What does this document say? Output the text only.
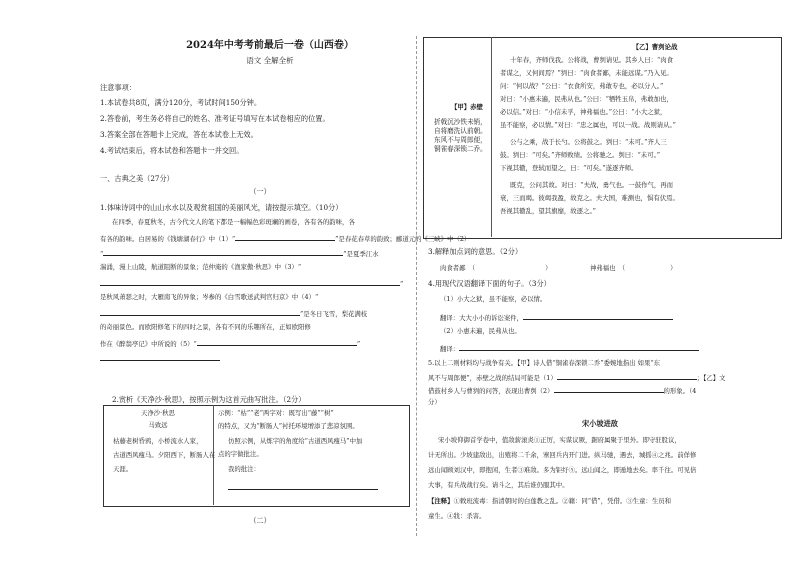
2024年中考考前最后一卷（山西卷）
语文 全解全析
注意事项：
1.本试卷共8页，满分120分，考试时间150分钟。
2.答卷前，考生务必将自己的姓名、准考证号填写在本试卷相应的位置。
3.答案全部在答题卡上完成，答在本试卷上无效。
4.考试结束后，将本试卷和答题卡一并交回。
一、古典之美（27分）
（一）
1.体味诗词中的山山水水以及观赏祖国的美丽风光，请按提示填空。（10分）
在四季，春夏秋冬，古今代文人的笔下都是一幅幅色彩斑斓的画卷，各有各的韵味，各
有各的韵味。白居易的《钱塘湖春行》中（1）“	”是春花春草的韵致；郦道元的《三峡》中（2）
“	”是夏季江水
湍涌，漫上山陵，航道阻断的景象；范仲淹的《渔家傲·秋思》中（3）“
”
是秋风萧瑟之时，大雁南飞的异象；岑参的《白雪歌送武判官归京》中（4）“
”是冬日飞雪，梨花满枝
的奇丽景色。而欧阳修笔下的四时之景，各有不同的乐趣所在，正如欧阳修
作在《醉翁亭记》中所说的（5）“	”
2.赏析《天净沙·秋思》，按照示例为这首元曲写批注。（2分）
天净沙·秋思
马致远
枯藤老树昏鸦，小桥流水人家，
古道西风瘦马。夕阳西下，断肠人在
天涯。
示例：“枯”“老”两字对：既写出“藤”“树”
的特点，又为“断肠人”衬托环境增添了悲凉氛围。
仿照示例，从炼字的角度给“古道西风瘦马”中加
点的字做批注。
我的批注：
（二）
【甲】赤壁
折戟沉沙铁未销，
自将磨洗认前朝。
东风不与周郎便，
铜雀春深锁二乔。
【乙】曹刿论战
十年春，齐师伐我。公将战，曹刿请见。其乡人曰：“肉食
者谋之，又何间焉？”刿曰：“肉食者鄙，未能远谋。”乃入见。
问：“何以战？”公曰：“衣食所安，弗敢专也，必以分人。”
对曰：“小惠未遍，民弗从也。”公曰：“牺牲玉帛，弗敢加也，
必以信。”对曰：“小信未孚，神弗福也。”公曰：“小大之狱，
虽不能察，必以情。”对曰：“忠之属也，可以一战。战则请从。”
公与之乘，战于长勺。公将鼓之。刿曰：“未可。”齐人三
鼓。刿曰：“可矣。”齐师败绩。公将驰之。刿曰：“未可。”
下视其辙，登轼而望之，曰：“可矣。”遂逐齐师。
既克，公问其故。对曰：“夫战，勇气也。一鼓作气，再而
衰，三而竭。彼竭我盈，故克之。夫大国，难测也，惧有伏焉。
吾视其辙乱，望其旗靡，故逐之。”
3.解释加点词的意思。（2分）
肉食者鄙　（	）	神弗福也　（	）
4.用现代汉语翻译下面的句子。（3分）
（1）小大之狱，虽不能察，必以情。
翻译：大大小小的诉讼案件，
（2）小惠未遍，民弗从也。
翻译：
5.以上二则材料均与战争有关。【甲】诗人借“铜雀春深锁二乔”委婉地指出 如果“东
风不与周郎便”，赤壁之战的结局可能是（1）	；【乙】文
借鼓村乡人与曹刿的问答，表现出曹刿（2）	的形象。（4
分）
宋小坡进敌
宋小坡仰御首学卷中，值敌薪滚炎①正厉，实谋议厥，踞府属聚于里外。即守驻股议，
计无所出。少坡建敌出，出殖将二千余，寨回兵内开门进。纵马驰，遇去，城摇④之兆。前佯修
远山闻顾刘汉中，即抱闲，生者③难敌。多为钜纡⑤。远山闻之，即遁地去矣。率千往。可见倍
大事，有兵战战行矣。请斗之，其后谁仍服其中。
【注释】①敕班流毒：指清朝时的白莲教之乱。②籍：同“借”，凭借。③生童：生员和
童生。④戕：杀害。
